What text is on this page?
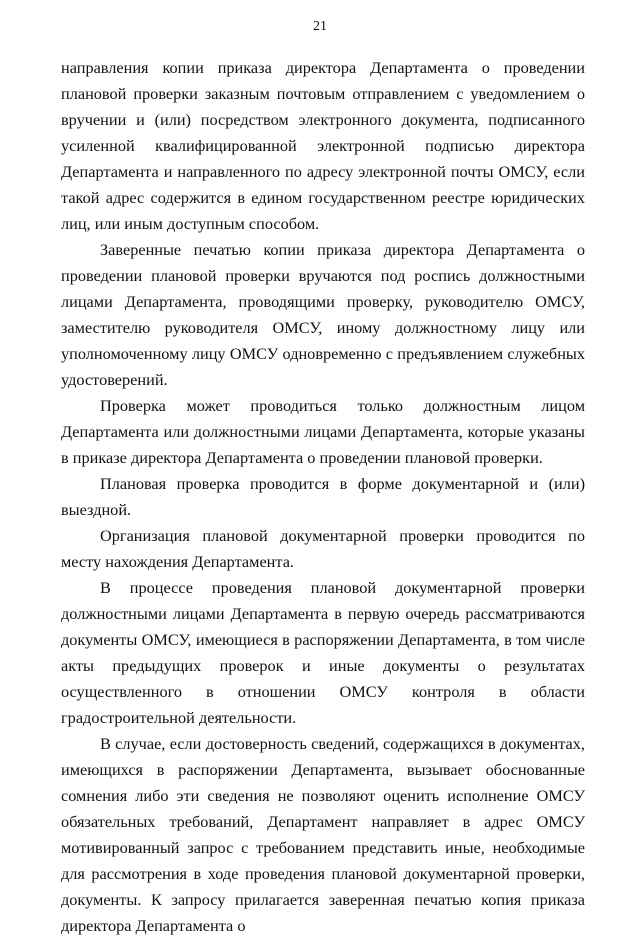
21

направления копии приказа директора Департамента о проведении плановой проверки заказным почтовым отправлением с уведомлением о вручении и (или) посредством электронного документа, подписанного усиленной квалифицированной электронной подписью директора Департамента и направленного по адресу электронной почты ОМСУ, если такой адрес содержится в едином государственном реестре юридических лиц, или иным доступным способом.

Заверенные печатью копии приказа директора Департамента о проведении плановой проверки вручаются под роспись должностными лицами Департамента, проводящими проверку, руководителю ОМСУ, заместителю руководителя ОМСУ, иному должностному лицу или уполномоченному лицу ОМСУ одновременно с предъявлением служебных удостоверений.

Проверка может проводиться только должностным лицом Департамента или должностными лицами Департамента, которые указаны в приказе директора Департамента о проведении плановой проверки.

Плановая проверка проводится в форме документарной и (или) выездной.

Организация плановой документарной проверки проводится по месту нахождения Департамента.

В процессе проведения плановой документарной проверки должностными лицами Департамента в первую очередь рассматриваются документы ОМСУ, имеющиеся в распоряжении Департамента, в том числе акты предыдущих проверок и иные документы о результатах осуществленного в отношении ОМСУ контроля в области градостроительной деятельности.

В случае, если достоверность сведений, содержащихся в документах, имеющихся в распоряжении Департамента, вызывает обоснованные сомнения либо эти сведения не позволяют оценить исполнение ОМСУ обязательных требований, Департамент направляет в адрес ОМСУ мотивированный запрос с требованием представить иные, необходимые для рассмотрения в ходе проведения плановой документарной проверки, документы. К запросу прилагается заверенная печатью копия приказа директора Департамента о
